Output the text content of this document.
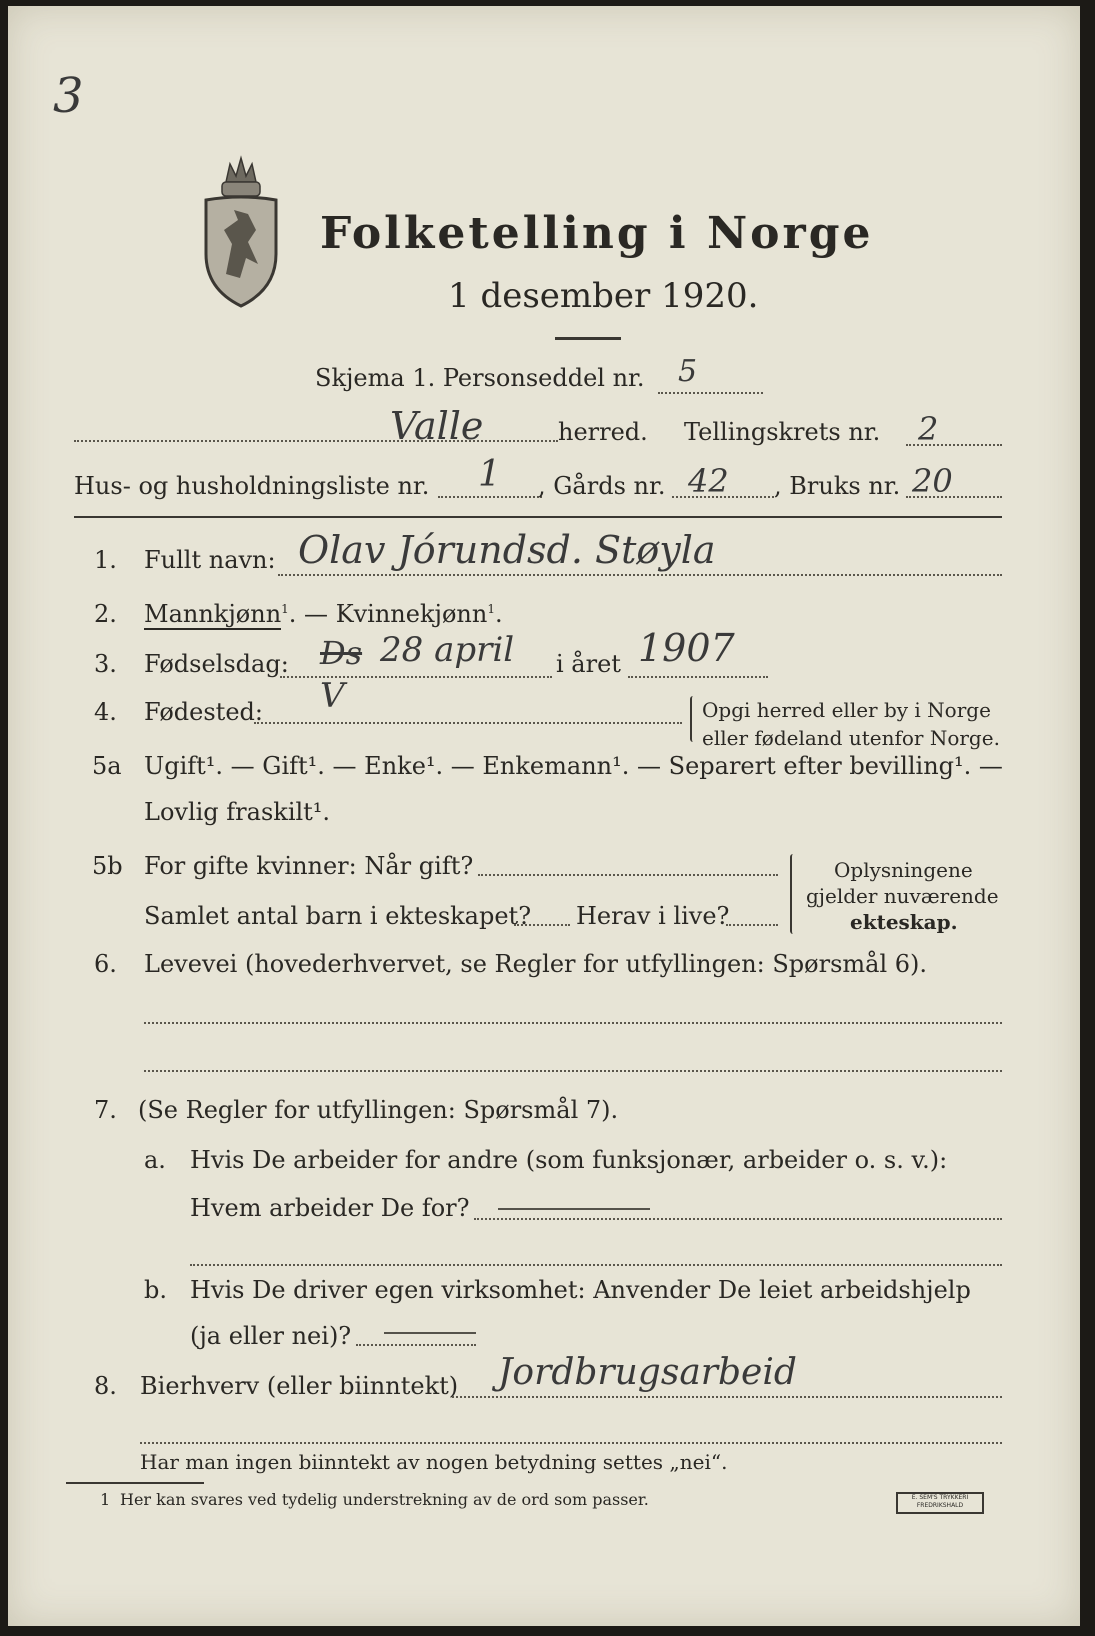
3
Folketelling i Norge
1 desember 1920.
Skjema 1. Personseddel nr. 5
Valle	herred. Tellingskrets nr. 2
Hus- og husholdningsliste nr. 1 , Gårds nr. 42 , Bruks nr. 20
1. Fullt navn: Olav Jórundsd. Støyla
2. Mannkjønn$^1$. — Kvinnekjønn$^1$.
3. Fødselsdag: Ds 28 april i året 1907
4. Fødested: V	Opgi herred eller by i Norge
eller fødeland utenfor Norge.
5a Ugift¹. — Gift¹. — Enke¹. — Enkemann¹. — Separert efter bevilling¹. —
Lovlig fraskilt¹.
5b For gifte kvinner: Når gift?
Samlet antal barn i ekteskapet? Herav i live?
Oplysningene
gjelder nuværende
ekteskap.
6. Levevei (hovederhvervet, se Regler for utfyllingen: Spørsmål 6).
7. (Se Regler for utfyllingen: Spørsmål 7).
a. Hvis De arbeider for andre (som funksjonær, arbeider o. s. v.):
Hvem arbeider De for?
b. Hvis De driver egen virksomhet: Anvender De leiet arbeidshjelp
(ja eller nei)?
8. Bierhverv (eller biinntekt) Jordbrugsarbeid
Har man ingen biinntekt av nogen betydning settes „nei“.
1 Her kan svares ved tydelig understrekning av de ord som passer.	E. SEM'S TRYKKERI FREDRIKSHALD
